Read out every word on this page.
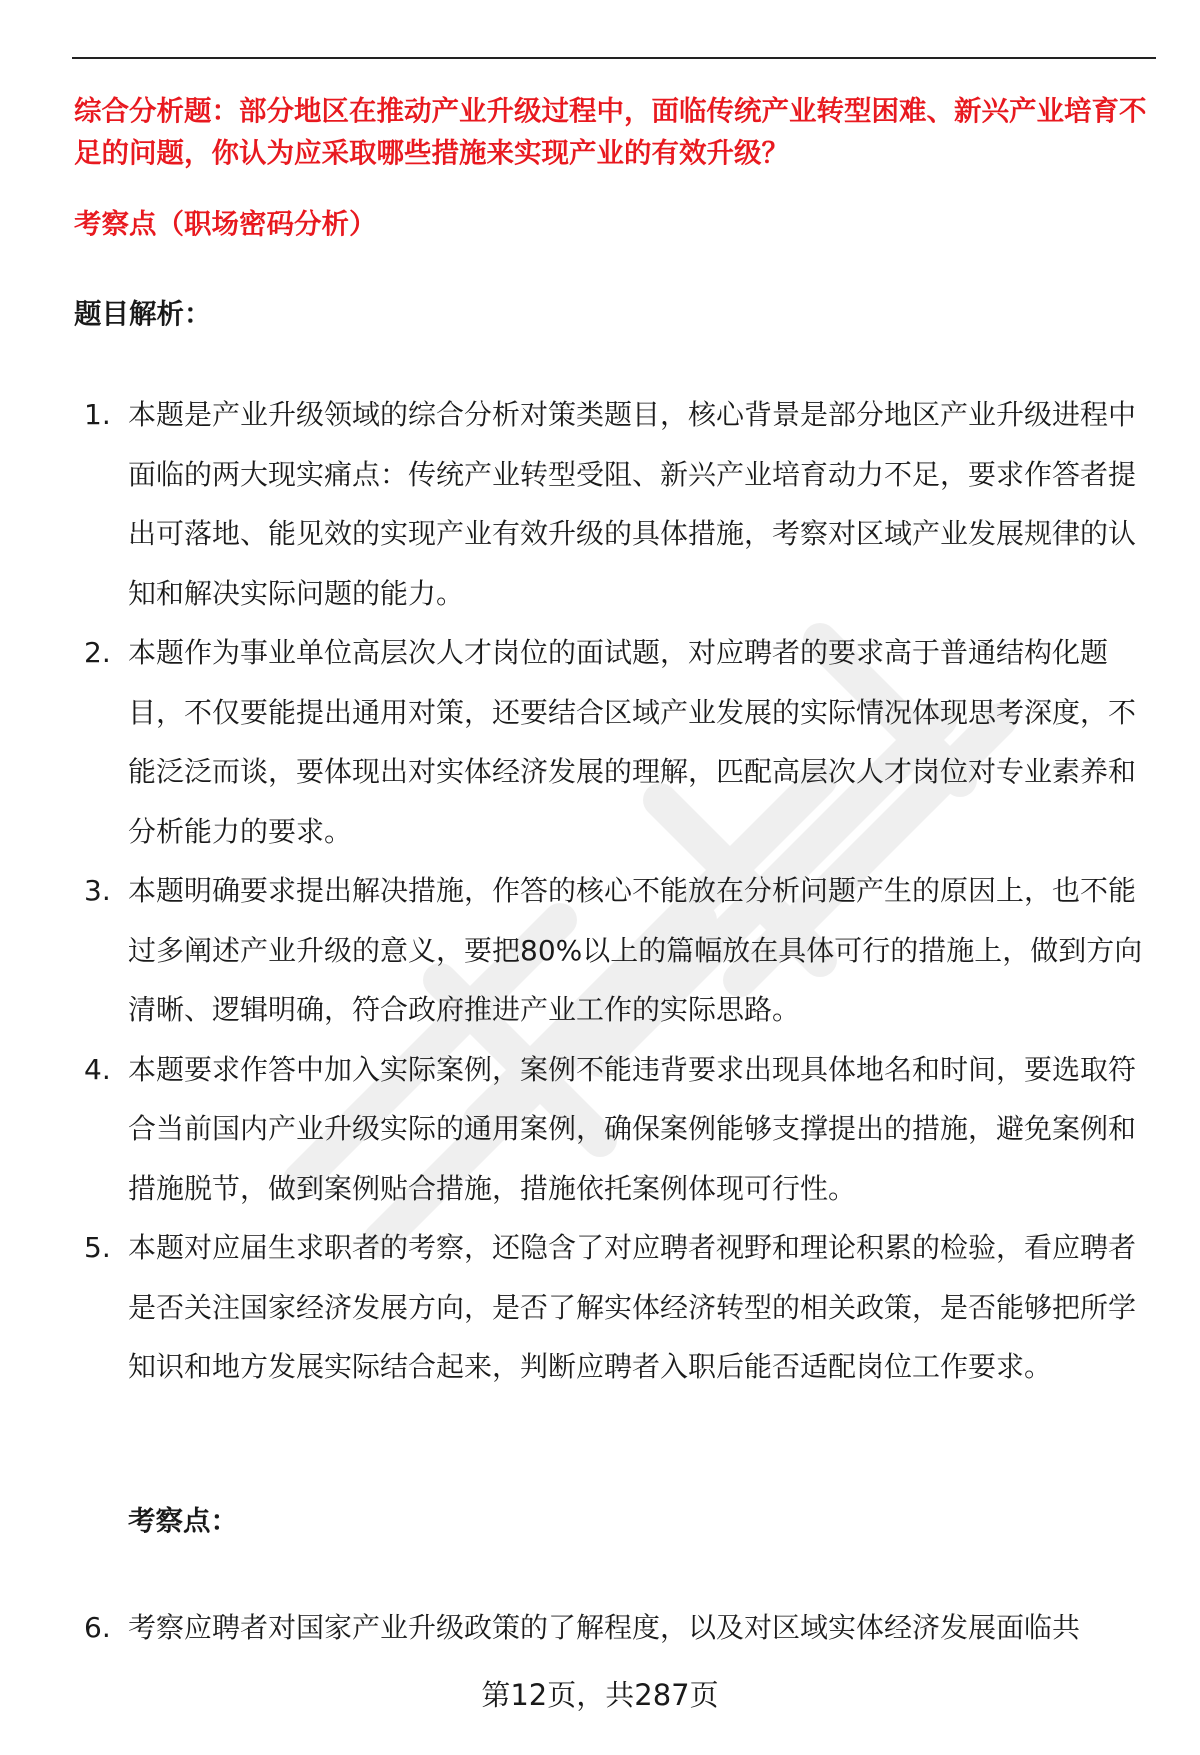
综合分析题：部分地区在推动产业升级过程中，面临传统产业转型困难、新兴产业培育不足的问题，你认为应采取哪些措施来实现产业的有效升级？

考察点（职场密码分析）

题目解析：

1. 本题是产业升级领域的综合分析对策类题目，核心背景是部分地区产业升级进程中面临的两大现实痛点：传统产业转型受阻、新兴产业培育动力不足，要求作答者提出可落地、能见效的实现产业有效升级的具体措施，考察对区域产业发展规律的认知和解决实际问题的能力。
2. 本题作为事业单位高层次人才岗位的面试题，对应聘者的要求高于普通结构化题目，不仅要能提出通用对策，还要结合区域产业发展的实际情况体现思考深度，不能泛泛而谈，要体现出对实体经济发展的理解，匹配高层次人才岗位对专业素养和分析能力的要求。
3. 本题明确要求提出解决措施，作答的核心不能放在分析问题产生的原因上，也不能过多阐述产业升级的意义，要把80%以上的篇幅放在具体可行的措施上，做到方向清晰、逻辑明确，符合政府推进产业工作的实际思路。
4. 本题要求作答中加入实际案例，案例不能违背要求出现具体地名和时间，要选取符合当前国内产业升级实际的通用案例，确保案例能够支撑提出的措施，避免案例和措施脱节，做到案例贴合措施，措施依托案例体现可行性。
5. 本题对应届生求职者的考察，还隐含了对应聘者视野和理论积累的检验，看应聘者是否关注国家经济发展方向，是否了解实体经济转型的相关政策，是否能够把所学知识和地方发展实际结合起来，判断应聘者入职后能否适配岗位工作要求。

考察点：

6. 考察应聘者对国家产业升级政策的了解程度，以及对区域实体经济发展面临共
第12页，共287页
